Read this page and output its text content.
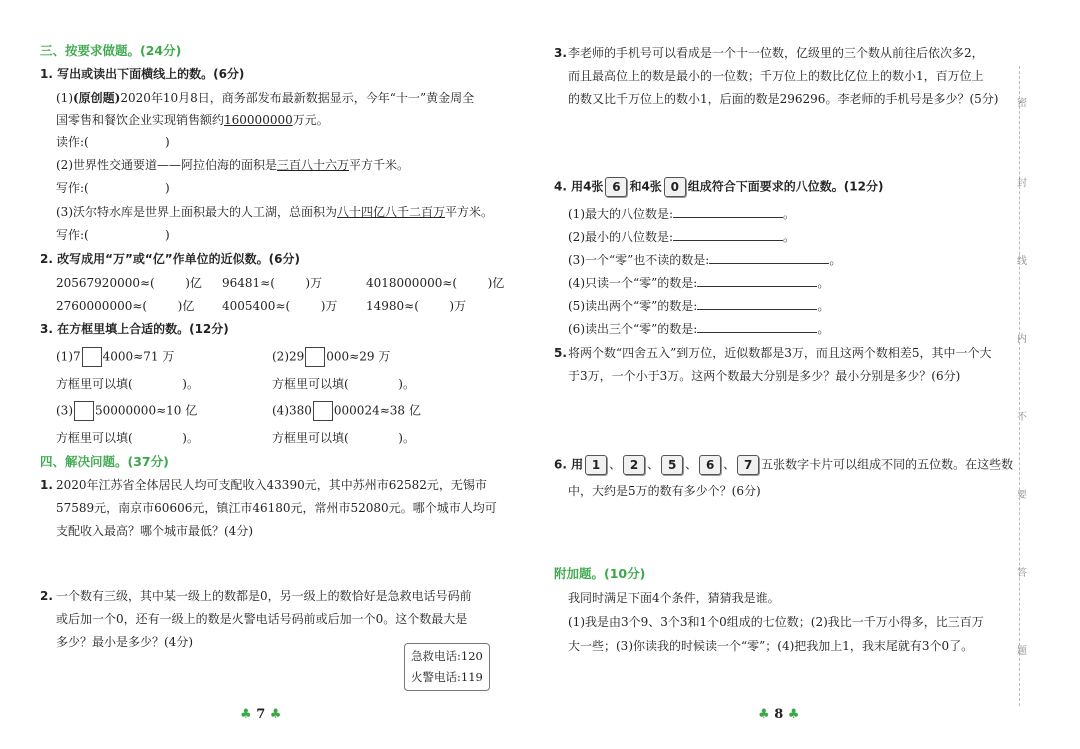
三、按要求做题。(24分)
1. 写出或读出下面横线上的数。(6分)
(1)(原创题)2020年10月8日，商务部发布最新数据显示，今年“十一”黄金周全
国零售和餐饮企业实现销售额约160000000万元。
读作:(                    )
(2)世界性交通要道——阿拉伯海的面积是三百八十六万平方千米。
写作:(                    )
(3)沃尔特水库是世界上面积最大的人工湖，总面积为八十四亿八千二百万平方米。
写作:(                    )
2. 改写成用“万”或“亿”作单位的近似数。(6分)
20567920000≈(        )亿 96481≈(        )万	4018000000≈(        )亿
2760000000≈(        )亿 4005400≈(        )万 14980≈(        )万
3. 在方框里填上合适的数。(12分)
(1)7 4000≈71 万	(2)29 000≈29 万
方框里可以填(             )。	方框里可以填(             )。
(3) 50000000≈10 亿	(4)380 000024≈38 亿
方框里可以填(             )。	方框里可以填(             )。
四、解决问题。(37分)
1. 2020年江苏省全体居民人均可支配收入43390元，其中苏州市62582元，无锡市
57589元，南京市60606元，镇江市46180元，常州市52080元。哪个城市人均可
支配收入最高？哪个城市最低？(4分)
2. 一个数有三级，其中某一级上的数都是0，另一级上的数恰好是急救电话号码前
或后加一个0，还有一级上的数是火警电话号码前或后加一个0。这个数最大是
多少？最小是多少？(4分)
急救电话:120
火警电话:119
♣ 7 ♣
3. 李老师的手机号可以看成是一个十一位数，亿级里的三个数从前往后依次多2，
而且最高位上的数是最小的一位数；千万位上的数比亿位上的数小1，百万位上
的数又比千万位上的数小1，后面的数是296296。李老师的手机号是多少？(5分)
4. 用4张 6 和4张 0 组成符合下面要求的八位数。(12分)
(1)最大的八位数是:	。
(2)最小的八位数是:	。
(3)一个“零”也不读的数是:	。
(4)只读一个“零”的数是:	。
(5)读出两个“零”的数是:	。
(6)读出三个“零”的数是:	。
5. 将两个数“四舍五入”到万位，近似数都是3万，而且这两个数相差5，其中一个大
于3万，一个小于3万。这两个数最大分别是多少？最小分别是多少？(6分)
6. 用 1 、 2 、 5 、 6 、 7 五张数字卡片可以组成不同的五位数。在这些数
中，大约是5万的数有多少个？(6分)
附加题。(10分)
我同时满足下面4个条件，猜猜我是谁。
(1)我是由3个9、3个3和1个0组成的七位数；(2)我比一千万小得多，比三百万
大一些；(3)你读我的时候读一个“零”；(4)把我加上1，我末尾就有3个0了。
♣ 8 ♣
密
封
线
内
不
要
答
题
